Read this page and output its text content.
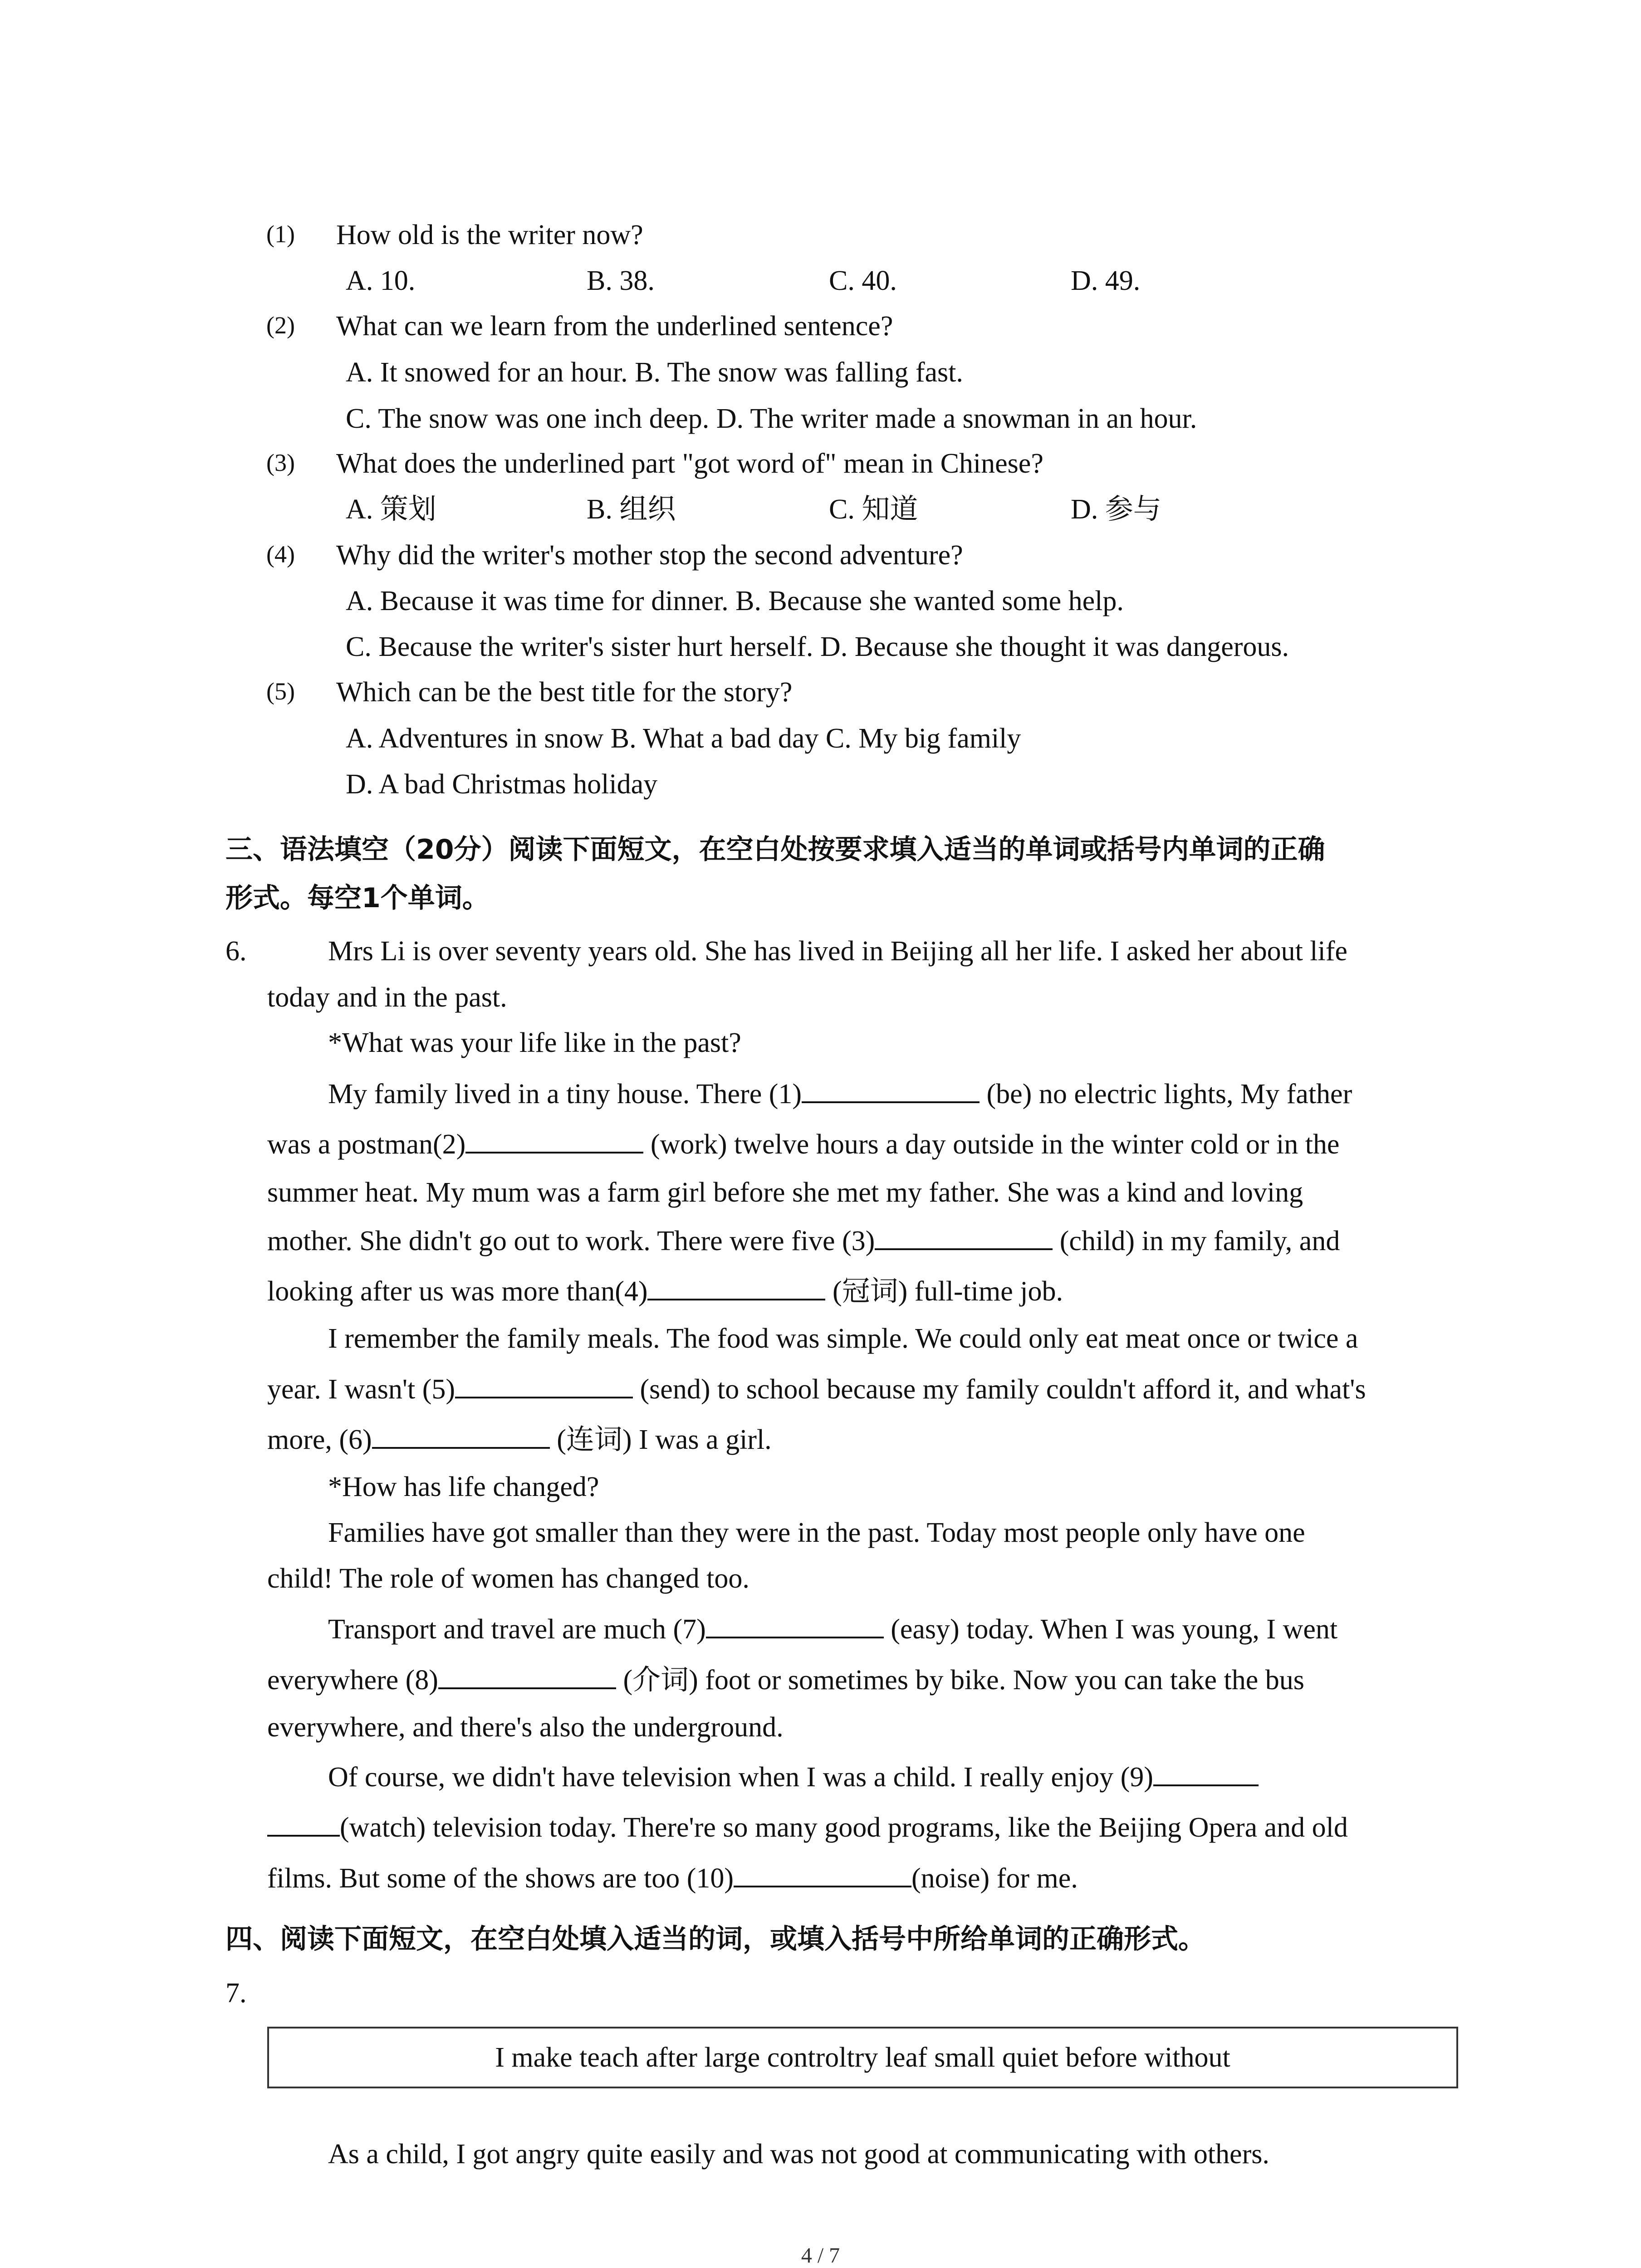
(1) How old is the writer now?
A. 10.	B. 38.	C. 40.	D. 49.
(2) What can we learn from the underlined sentence?
A. It snowed for an hour. B. The snow was falling fast.
C. The snow was one inch deep. D. The writer made a snowman in an hour.
(3) What does the underlined part "got word of" mean in Chinese?
A. 策划	B. 组织	C. 知道	D. 参与
(4) Why did the writer's mother stop the second adventure?
A. Because it was time for dinner. B. Because she wanted some help.
C. Because the writer's sister hurt herself. D. Because she thought it was dangerous.
(5) Which can be the best title for the story?
A. Adventures in snow B. What a bad day C. My big family
D. A bad Christmas holiday
三、语法填空（20分）阅读下面短文，在空白处按要求填入适当的单词或括号内单词的正确
形式。每空1个单词。
6.	Mrs Li is over seventy years old. She has lived in Beijing all her life. I asked her about life
today and in the past.
*What was your life like in the past?
My family lived in a tiny house. There (1)	(be) no electric lights, My father
was a postman(2)	(work) twelve hours a day outside in the winter cold or in the
summer heat. My mum was a farm girl before she met my father. She was a kind and loving
mother. She didn't go out to work. There were five (3)	(child) in my family, and
looking after us was more than(4)	(冠词) full-time job.
I remember the family meals. The food was simple. We could only eat meat once or twice a
year. I wasn't (5)	(send) to school because my family couldn't afford it, and what's
more, (6)	(连词) I was a girl.
*How has life changed?
Families have got smaller than they were in the past. Today most people only have one
child! The role of women has changed too.
Transport and travel are much (7)	(easy) today. When I was young, I went
everywhere (8)	(介词) foot or sometimes by bike. Now you can take the bus
everywhere, and there's also the underground.
Of course, we didn't have television when I was a child. I really enjoy (9)
(watch) television today. There're so many good programs, like the Beijing Opera and old
films. But some of the shows are too (10)	(noise) for me.
四、阅读下面短文，在空白处填入适当的词，或填入括号中所给单词的正确形式。
7.
I make teach after large controltry leaf small quiet before without
As a child, I got angry quite easily and was not good at communicating with others.
4 / 7
